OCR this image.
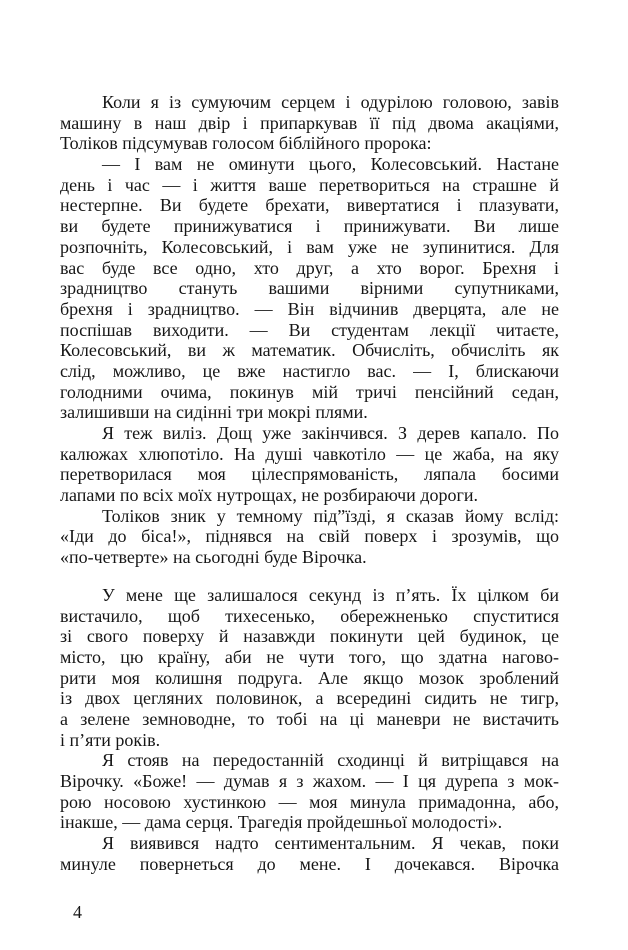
Коли я із сумуючим серцем і одурілою головою, завів
машину в наш двір і припаркував її під двома акаціями,
Толіков підсумував голосом біблійного пророка:
— І вам не оминути цього, Колесовський. Настане
день і час — і життя ваше перетвориться на страшне й
нестерпне. Ви будете брехати, вивертатися і плазувати,
ви будете принижуватися і принижувати. Ви лише
розпочніть, Колесовський, і вам уже не зупинитися. Для
вас буде все одно, хто друг, а хто ворог. Брехня і
зрадництво стануть вашими вірними супутниками,
брехня і зрадництво. — Він відчинив дверцята, але не
поспішав виходити. — Ви студентам лекції читаєте,
Колесовський, ви ж математик. Обчисліть, обчисліть як
слід, можливо, це вже настигло вас. — І, блискаючи
голодними очима, покинув мій тричі пенсійний седан,
залишивши на сидінні три мокрі плями.
Я теж виліз. Дощ уже закінчився. З дерев капало. По
калюжах хлюпотіло. На душі чавкотіло — це жаба, на яку
перетворилася моя цілеспрямованість, ляпала босими
лапами по всіх моїх нутрощах, не розбираючи дороги.
Толіков зник у темному під”їзді, я сказав йому вслід:
«Іди до біса!», піднявся на свій поверх і зрозумів, що
«по-четверте» на сьогодні буде Вірочка.
У мене ще залишалося секунд із п’ять. Їх цілком би
вистачило, щоб тихесенько, обережненько спуститися
зі свого поверху й назавжди покинути цей будинок, це
місто, цю країну, аби не чути того, що здатна нагово-
рити моя колишня подруга. Але якщо мозок зроблений
із двох цегляних половинок, а всередині сидить не тигр,
а зелене земноводне, то тобі на ці маневри не вистачить
і п’яти років.
Я стояв на передостанній сходинці й витріщався на
Вірочку. «Боже! — думав я з жахом. — І ця дурепа з мок-
рою носовою хустинкою — моя минула примадонна, або,
інакше, — дама серця. Трагедія пройдешньої молодості».
Я виявився надто сентиментальним. Я чекав, поки
минуле повернеться до мене. І дочекався. Вірочка
4
